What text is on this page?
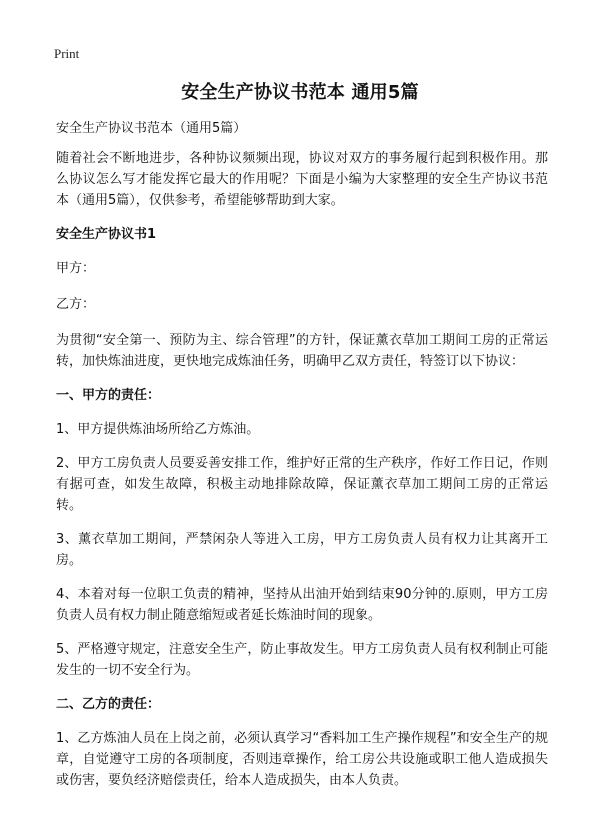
Print
安全生产协议书范本 通用5篇

安全生产协议书范本（通用5篇）

随着社会不断地进步，各种协议频频出现，协议对双方的事务履行起到积极作用。那么协议怎么写才能发挥它最大的作用呢？下面是小编为大家整理的安全生产协议书范本（通用5篇），仅供参考，希望能够帮助到大家。

安全生产协议书1

甲方：

乙方：

为贯彻“安全第一、预防为主、综合管理”的方针，保证薰衣草加工期间工房的正常运转，加快炼油进度，更快地完成炼油任务，明确甲乙双方责任，特签订以下协议：

一、甲方的责任：

1、甲方提供炼油场所给乙方炼油。

2、甲方工房负责人员要妥善安排工作，维护好正常的生产秩序，作好工作日记，作则有据可查，如发生故障，积极主动地排除故障，保证薰衣草加工期间工房的正常运转。

3、薰衣草加工期间，严禁闲杂人等进入工房，甲方工房负责人员有权力让其离开工房。

4、本着对每一位职工负责的精神，坚持从出油开始到结束90分钟的.原则，甲方工房负责人员有权力制止随意缩短或者延长炼油时间的现象。

5、严格遵守规定，注意安全生产，防止事故发生。甲方工房负责人员有权利制止可能发生的一切不安全行为。

二、乙方的责任：

1、乙方炼油人员在上岗之前，必须认真学习“香料加工生产操作规程”和安全生产的规章，自觉遵守工房的各项制度，否则违章操作，给工房公共设施或职工他人造成损失或伤害，要负经济赔偿责任，给本人造成损失，由本人负责。
